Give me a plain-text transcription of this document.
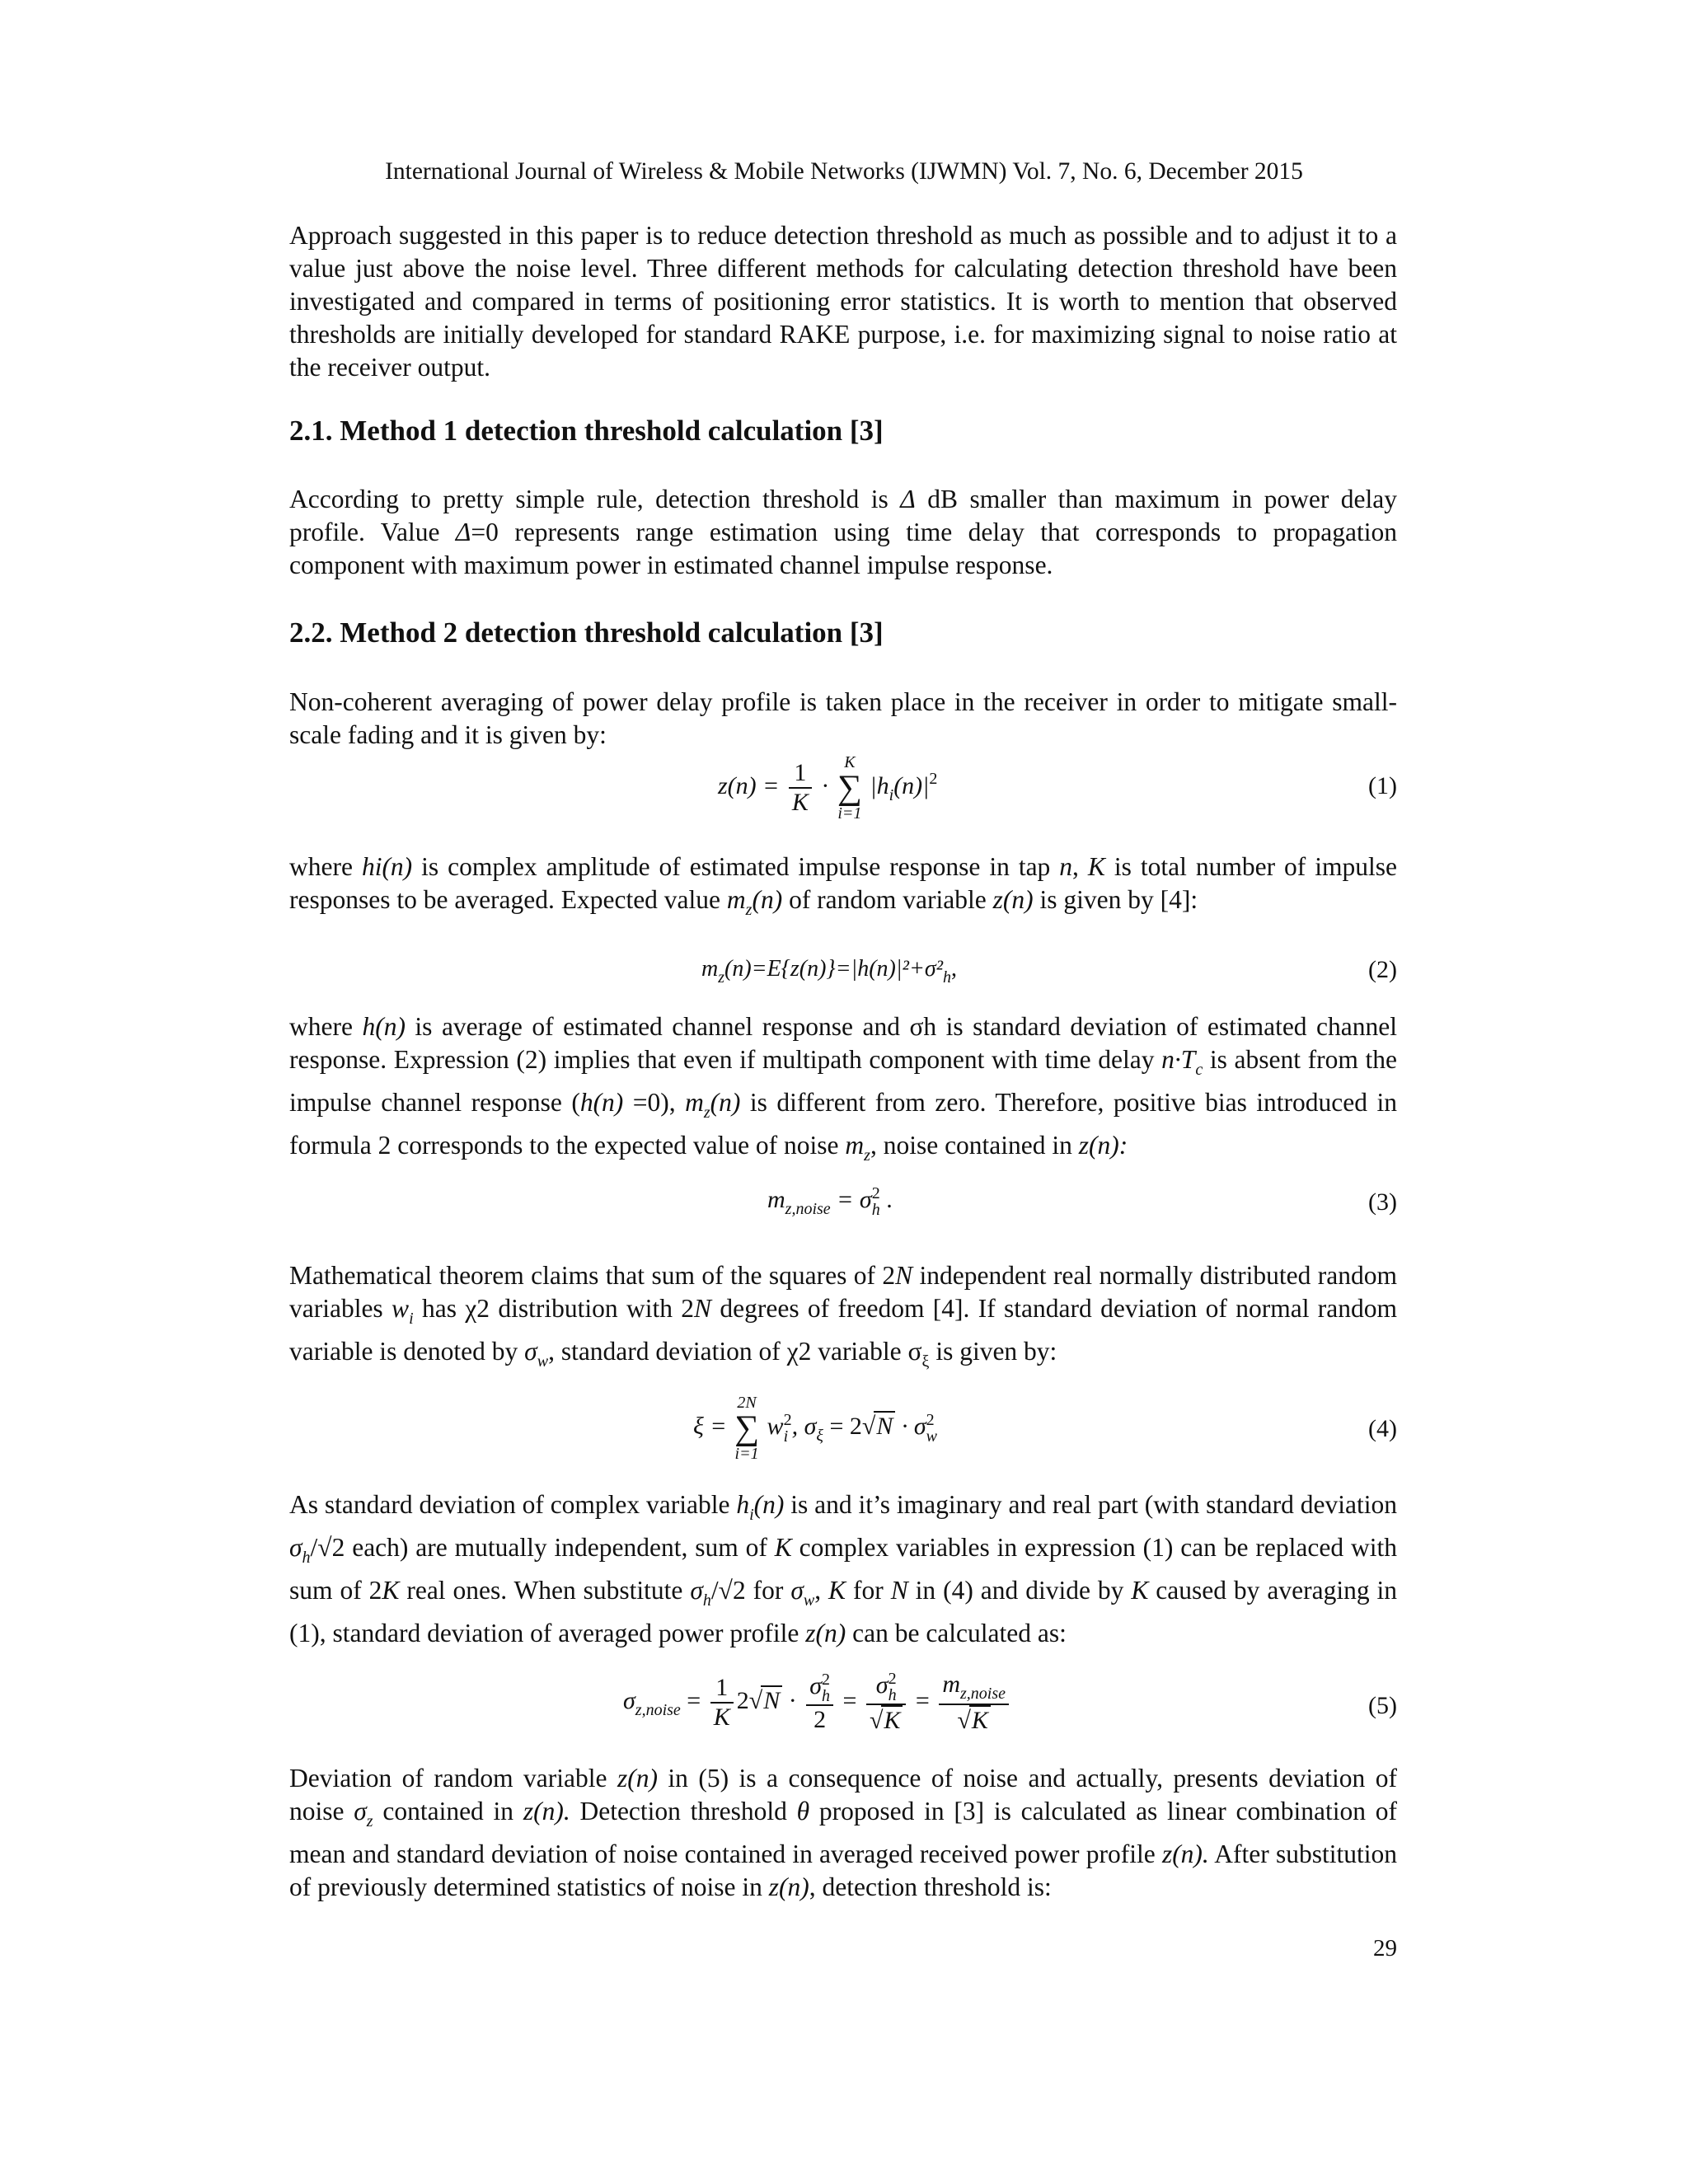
International Journal of Wireless & Mobile Networks (IJWMN) Vol. 7, No. 6, December 2015

Approach suggested in this paper is to reduce detection threshold as much as possible and to adjust it to a value just above the noise level. Three different methods for calculating detection threshold have been investigated and compared in terms of positioning error statistics. It is worth to mention that observed thresholds are initially developed for standard RAKE purpose, i.e. for maximizing signal to noise ratio at the receiver output.

2.1. Method 1 detection threshold calculation [3]

According to pretty simple rule, detection threshold is Δ dB smaller than maximum in power delay profile. Value Δ=0 represents range estimation using time delay that corresponds to propagation component with maximum power in estimated channel impulse response.

2.2. Method 2 detection threshold calculation [3]

Non-coherent averaging of power delay profile is taken place in the receiver in order to mitigate small-scale fading and it is given by:

$z(n) = \frac{1}{K}$ ·
K
∑
i=1
$|h_i(n)|^2$	(1)

where hi(n) is complex amplitude of estimated impulse response in tap n, K is total number of impulse responses to be averaged. Expected value $m_z(n)$ of random variable z(n) is given by [4]:

$m_z(n)=E\{z(n)\}=|h(n)|^2+\sigma^2_h$,	(2)

where h(n) is average of estimated channel response and σh is standard deviation of estimated channel response. Expression (2) implies that even if multipath component with time delay $n\cdot T_c$ is absent from the impulse channel response (h(n) =0), $m_z(n)$ is different from zero. Therefore, positive bias introduced in formula 2 corresponds to the expected value of noise $m_z$, noise contained in z(n):

$m_{z,noise} = \sigma$ 2
h .	(3)

Mathematical theorem claims that sum of the squares of 2N independent real normally distributed random variables $w_i$ has χ2 distribution with 2N degrees of freedom [4]. If standard deviation of normal random variable is denoted by $\sigma_w$, standard deviation of χ2 variable $\sigma_\xi$ is given by:

ξ =
2N
∑
i=1
w 2
i , $\sigma_\xi = 2√N \cdot \sigma$ 2
w	(4)

As standard deviation of complex variable $h_i(n)$ is and it’s imaginary and real part (with standard deviation $\sigma_h/√2$ each) are mutually independent, sum of K complex variables in expression (1) can be replaced with sum of 2K real ones. When substitute $\sigma_h/√2$ for $\sigma_w$, K for N in (4) and divide by K caused by averaging in (1), standard deviation of averaged power profile z(n) can be calculated as:

$\sigma_{z,noise} = \frac{1}{K} 2√N \cdot \sigma$ 2
h
2 = σ 2
h
$√K = \frac{m_{z,noise}}{√K}$	(5)

Deviation of random variable z(n) in (5) is a consequence of noise and actually, presents deviation of noise $\sigma_z$ contained in z(n). Detection threshold θ proposed in [3] is calculated as linear combination of mean and standard deviation of noise contained in averaged received power profile z(n). After substitution of previously determined statistics of noise in z(n), detection threshold is:

29
